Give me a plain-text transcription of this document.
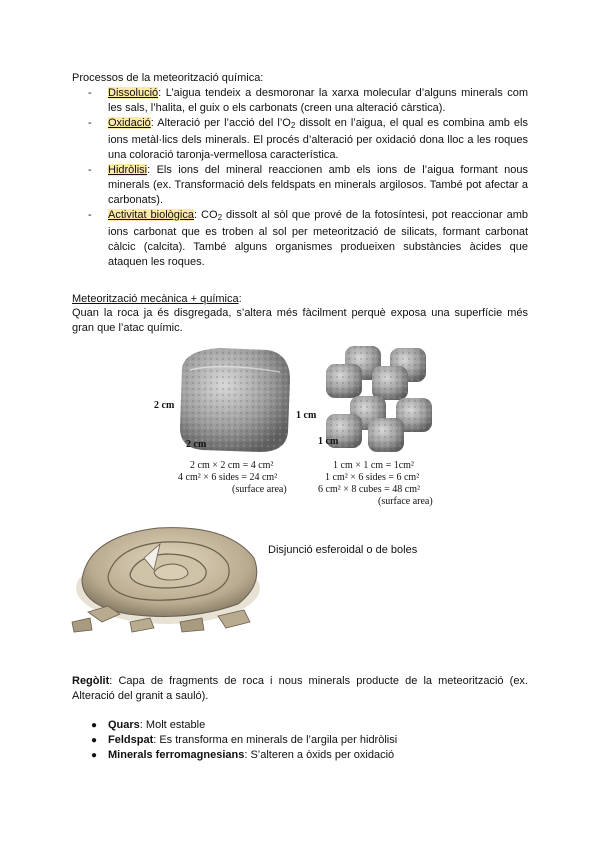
Processos de la meteorització química:
- Dissolució: L’aigua tendeix a desmoronar la xarxa molecular d’alguns minerals com les sals, l’halita, el guix o els carbonats (creen una alteració càrstica).
- Oxidació: Alteració per l’acció del $l’O_2$ dissolt en l’aigua, el qual es combina amb els ions metàl·lics dels minerals. El procés d’alteració per oxidació dona lloc a les roques una coloració taronja-vermellosa característica.
- Hidròlisi: Els ions del mineral reaccionen amb els ions de l’aigua formant nous minerals (ex. Transformació dels feldspats en minerals argilosos. També pot afectar a carbonats).
- Activitat biològica: $CO_2$ dissolt al sòl que prové de la fotosíntesi, pot reaccionar amb ions carbonat que es troben al sol per meteorització de silicats, formant carbonat càlcic (calcita). També alguns organismes produeixen substàncies àcides que ataquen les roques.
Meteorització mecànica + química:
Quan la roca ja és disgregada, s’altera més fàcilment perquè exposa una superfície més gran que l’atac químic.
2 cm
2 cm
1 cm
1 cm
2 cm × 2 cm = 4 cm²
4 cm² × 6 sides = 24 cm²
(surface area)
1 cm × 1 cm = 1cm²
1 cm² × 6 sides = 6 cm²
6 cm² × 8 cubes = 48 cm²
(surface area)
Disjunció esferoidal o de boles
Regòlit: Capa de fragments de roca i nous minerals producte de la meteorització (ex. Alteració del granit a sauló).
● Quars: Molt estable
● Feldspat: Es transforma en minerals de l’argila per hidròlisi
● Minerals ferromagnesians: S’alteren a òxids per oxidació
